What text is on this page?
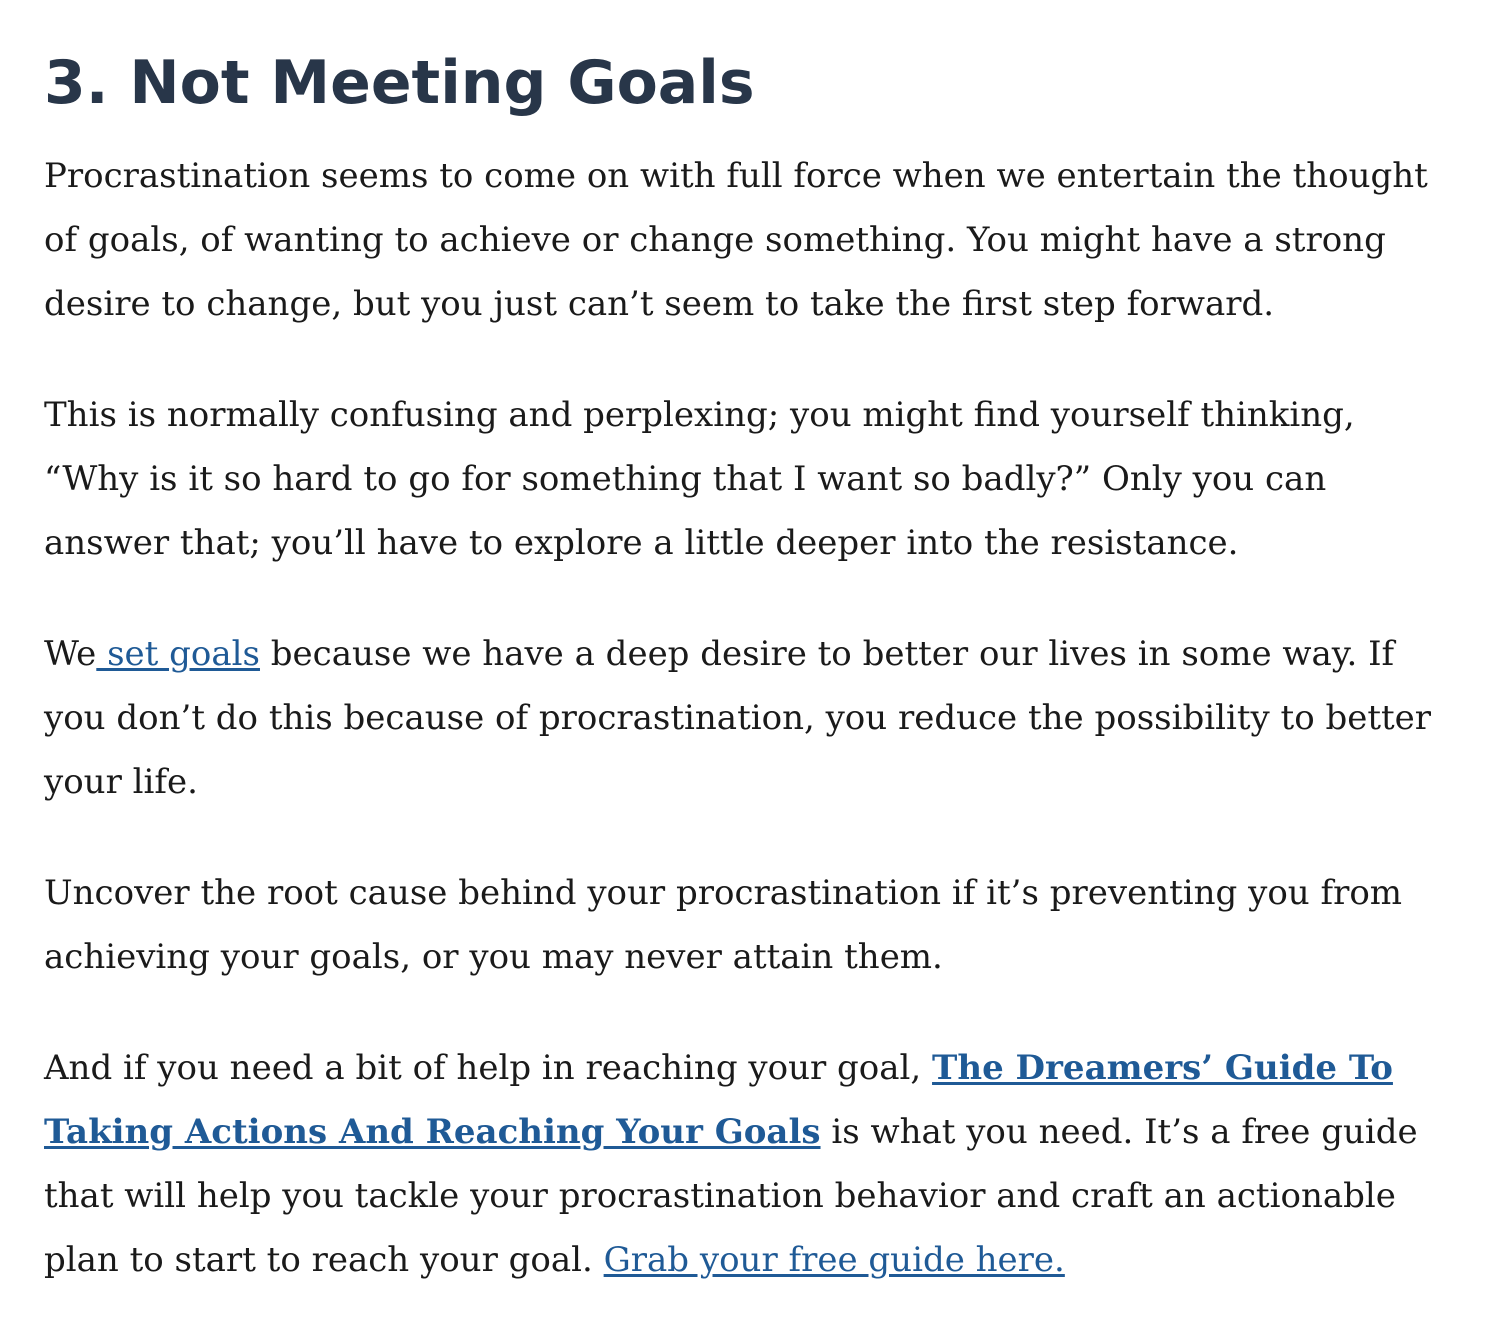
3. Not Meeting Goals

Procrastination seems to come on with full force when we entertain the thought of goals, of wanting to achieve or change something. You might have a strong desire to change, but you just can’t seem to take the first step forward.

This is normally confusing and perplexing; you might find yourself thinking, “Why is it so hard to go for something that I want so badly?” Only you can answer that; you’ll have to explore a little deeper into the resistance.

We set goals because we have a deep desire to better our lives in some way. If you don’t do this because of procrastination, you reduce the possibility to better your life.

Uncover the root cause behind your procrastination if it’s preventing you from achieving your goals, or you may never attain them.

And if you need a bit of help in reaching your goal, The Dreamers’ Guide To Taking Actions And Reaching Your Goals is what you need. It’s a free guide that will help you tackle your procrastination behavior and craft an actionable plan to start to reach your goal. Grab your free guide here.
